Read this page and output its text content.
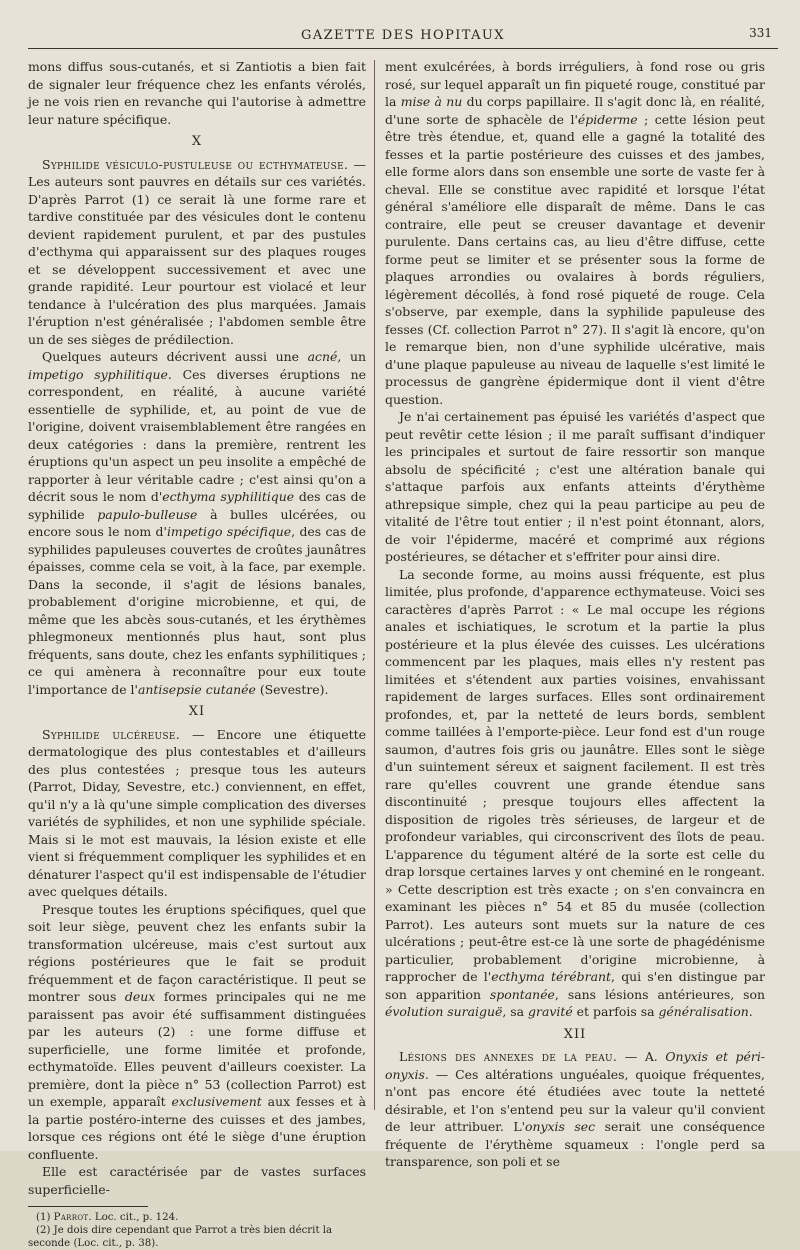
GAZETTE DES HOPITAUX	331

mons diffus sous-cutanés, et si Zantiotis a bien fait de signaler leur fréquence chez les enfants vérolés, je ne vois rien en revanche qui l'autorise à admettre leur nature spécifique.

X

Syphilide vésiculo-pustuleuse ou ecthymateuse. — Les auteurs sont pauvres en détails sur ces variétés. D'après Parrot (1) ce serait là une forme rare et tardive constituée par des vésicules dont le contenu devient rapidement purulent, et par des pustules d'ecthyma qui apparaissent sur des plaques rouges et se développent successivement et avec une grande rapidité. Leur pourtour est violacé et leur tendance à l'ulcération des plus marquées. Jamais l'éruption n'est généralisée ; l'abdomen semble être un de ses sièges de prédilection.

Quelques auteurs décrivent aussi une acné, un impetigo syphilitique. Ces diverses éruptions ne correspondent, en réalité, à aucune variété essentielle de syphilide, et, au point de vue de l'origine, doivent vraisemblablement être rangées en deux catégories : dans la première, rentrent les éruptions qu'un aspect un peu insolite a empêché de rapporter à leur véritable cadre ; c'est ainsi qu'on a décrit sous le nom d'ecthyma syphilitique des cas de syphilide papulo-bulleuse à bulles ulcérées, ou encore sous le nom d'impetigo spécifique, des cas de syphilides papuleuses couvertes de croûtes jaunâtres épaisses, comme cela se voit, à la face, par exemple. Dans la seconde, il s'agit de lésions banales, probablement d'origine microbienne, et qui, de même que les abcès sous-cutanés, et les érythèmes phlegmoneux mentionnés plus haut, sont plus fréquents, sans doute, chez les enfants syphilitiques ; ce qui amènera à reconnaître pour eux toute l'importance de l'antisepsie cutanée (Sevestre).

XI

Syphilide ulcéreuse. — Encore une étiquette dermatologique des plus contestables et d'ailleurs des plus contestées ; presque tous les auteurs (Parrot, Diday, Sevestre, etc.) conviennent, en effet, qu'il n'y a là qu'une simple complication des diverses variétés de syphilides, et non une syphilide spéciale. Mais si le mot est mauvais, la lésion existe et elle vient si fréquemment compliquer les syphilides et en dénaturer l'aspect qu'il est indispensable de l'étudier avec quelques détails.

Presque toutes les éruptions spécifiques, quel que soit leur siège, peuvent chez les enfants subir la transformation ulcéreuse, mais c'est surtout aux régions postérieures que le fait se produit fréquemment et de façon caractéristique. Il peut se montrer sous deux formes principales qui ne me paraissent pas avoir été suffisamment distinguées par les auteurs (2) : une forme diffuse et superficielle, une forme limitée et profonde, ecthymatoïde. Elles peuvent d'ailleurs coexister. La première, dont la pièce n° 53 (collection Parrot) est un exemple, apparaît exclusivement aux fesses et à la partie postéro-interne des cuisses et des jambes, lorsque ces régions ont été le siège d'une éruption confluente.

Elle est caractérisée par de vastes surfaces superficielle-

(1) Parrot. Loc. cit., p. 124.
(2) Je dois dire cependant que Parrot a très bien décrit la seconde (Loc. cit., p. 38).

ment exulcérées, à bords irréguliers, à fond rose ou gris rosé, sur lequel apparaît un fin piqueté rouge, constitué par la mise à nu du corps papillaire. Il s'agit donc là, en réalité, d'une sorte de sphacèle de l'épiderme ; cette lésion peut être très étendue, et, quand elle a gagné la totalité des fesses et la partie postérieure des cuisses et des jambes, elle forme alors dans son ensemble une sorte de vaste fer à cheval. Elle se constitue avec rapidité et lorsque l'état général s'améliore elle disparaît de même. Dans le cas contraire, elle peut se creuser davantage et devenir purulente. Dans certains cas, au lieu d'être diffuse, cette forme peut se limiter et se présenter sous la forme de plaques arrondies ou ovalaires à bords réguliers, légèrement décollés, à fond rosé piqueté de rouge. Cela s'observe, par exemple, dans la syphilide papuleuse des fesses (Cf. collection Parrot n° 27). Il s'agit là encore, qu'on le remarque bien, non d'une syphilide ulcérative, mais d'une plaque papuleuse au niveau de laquelle s'est limité le processus de gangrène épidermique dont il vient d'être question.

Je n'ai certainement pas épuisé les variétés d'aspect que peut revêtir cette lésion ; il me paraît suffisant d'indiquer les principales et surtout de faire ressortir son manque absolu de spécificité ; c'est une altération banale qui s'attaque parfois aux enfants atteints d'érythème athrepsique simple, chez qui la peau participe au peu de vitalité de l'être tout entier ; il n'est point étonnant, alors, de voir l'épiderme, macéré et comprimé aux régions postérieures, se détacher et s'effriter pour ainsi dire.

La seconde forme, au moins aussi fréquente, est plus limitée, plus profonde, d'apparence ecthymateuse. Voici ses caractères d'après Parrot : « Le mal occupe les régions anales et ischiatiques, le scrotum et la partie la plus postérieure et la plus élevée des cuisses. Les ulcérations commencent par les plaques, mais elles n'y restent pas limitées et s'étendent aux parties voisines, envahissant rapidement de larges surfaces. Elles sont ordinairement profondes, et, par la netteté de leurs bords, semblent comme taillées à l'emporte-pièce. Leur fond est d'un rouge saumon, d'autres fois gris ou jaunâtre. Elles sont le siège d'un suintement séreux et saignent facilement. Il est très rare qu'elles couvrent une grande étendue sans discontinuité ; presque toujours elles affectent la disposition de rigoles très sérieuses, de largeur et de profondeur variables, qui circonscrivent des îlots de peau. L'apparence du tégument altéré de la sorte est celle du drap lorsque certaines larves y ont cheminé en le rongeant. » Cette description est très exacte ; on s'en convaincra en examinant les pièces n° 54 et 85 du musée (collection Parrot). Les auteurs sont muets sur la nature de ces ulcérations ; peut-être est-ce là une sorte de phagédénisme particulier, probablement d'origine microbienne, à rapprocher de l'ecthyma térébrant, qui s'en distingue par son apparition spontanée, sans lésions antérieures, son évolution suraiguë, sa gravité et parfois sa généralisation.

XII

Lésions des annexes de la peau. — A. Onyxis et péri-onyxis. — Ces altérations unguéales, quoique fréquentes, n'ont pas encore été étudiées avec toute la netteté désirable, et l'on s'entend peu sur la valeur qu'il convient de leur attribuer. L'onyxis sec serait une conséquence fréquente de l'érythème squameux : l'ongle perd sa transparence, son poli et se
